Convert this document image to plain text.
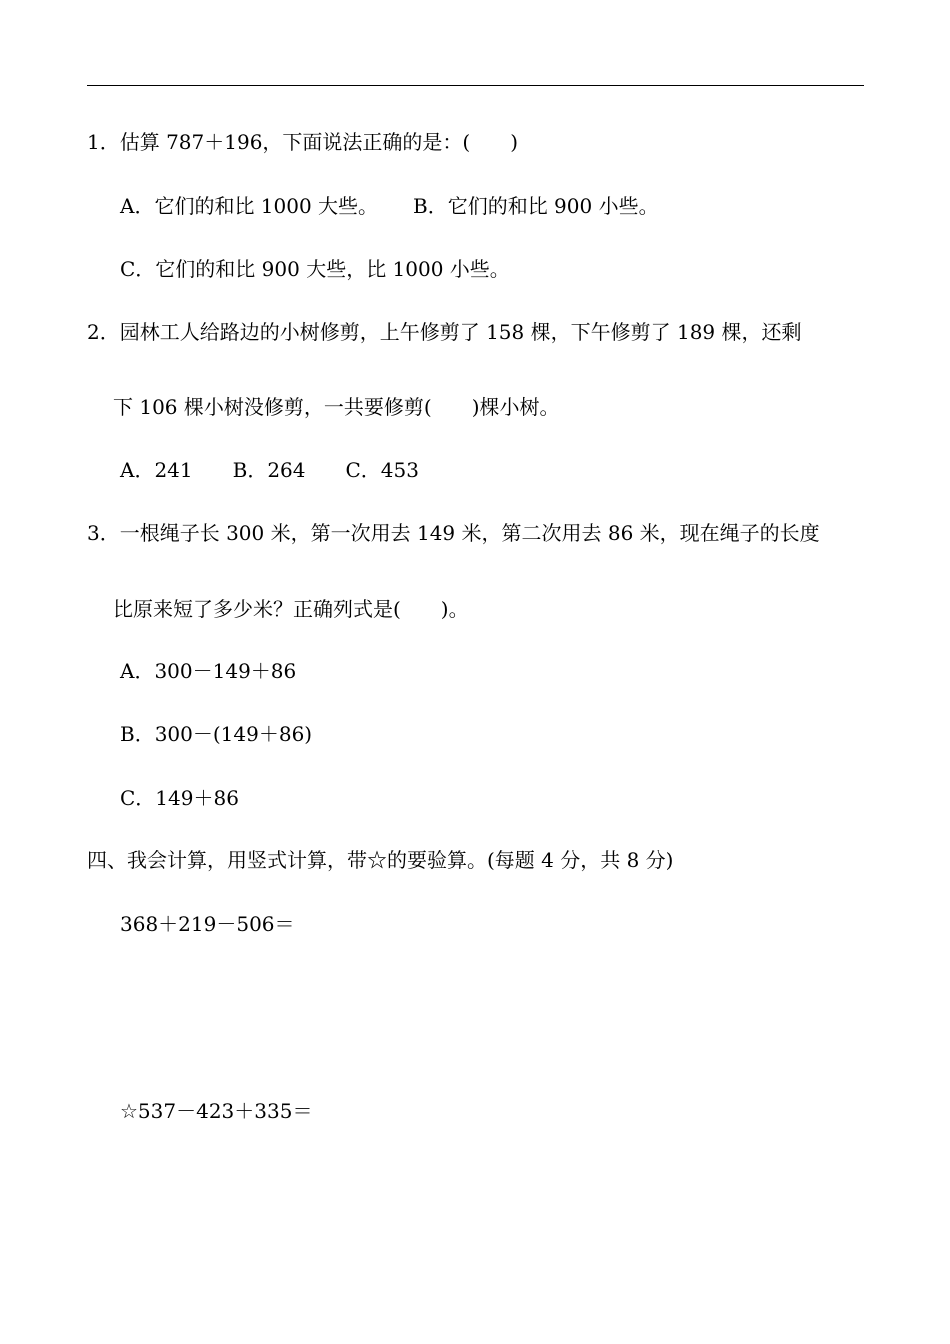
1．估算 787＋196，下面说法正确的是：(　　)
A．它们的和比 1000 大些。 B．它们的和比 900 小些。
C．它们的和比 900 大些，比 1000 小些。
2．园林工人给路边的小树修剪，上午修剪了 158 棵，下午修剪了 189 棵，还剩
下 106 棵小树没修剪，一共要修剪(　　)棵小树。
A．241　　B．264　　C．453
3．一根绳子长 300 米，第一次用去 149 米，第二次用去 86 米，现在绳子的长度
比原来短了多少米？正确列式是(　　)。
A．300－149＋86
B．300－(149＋86)
C．149＋86
四、我会计算，用竖式计算，带☆的要验算。(每题 4 分，共 8 分)
368＋219－506＝
☆537－423＋335＝
